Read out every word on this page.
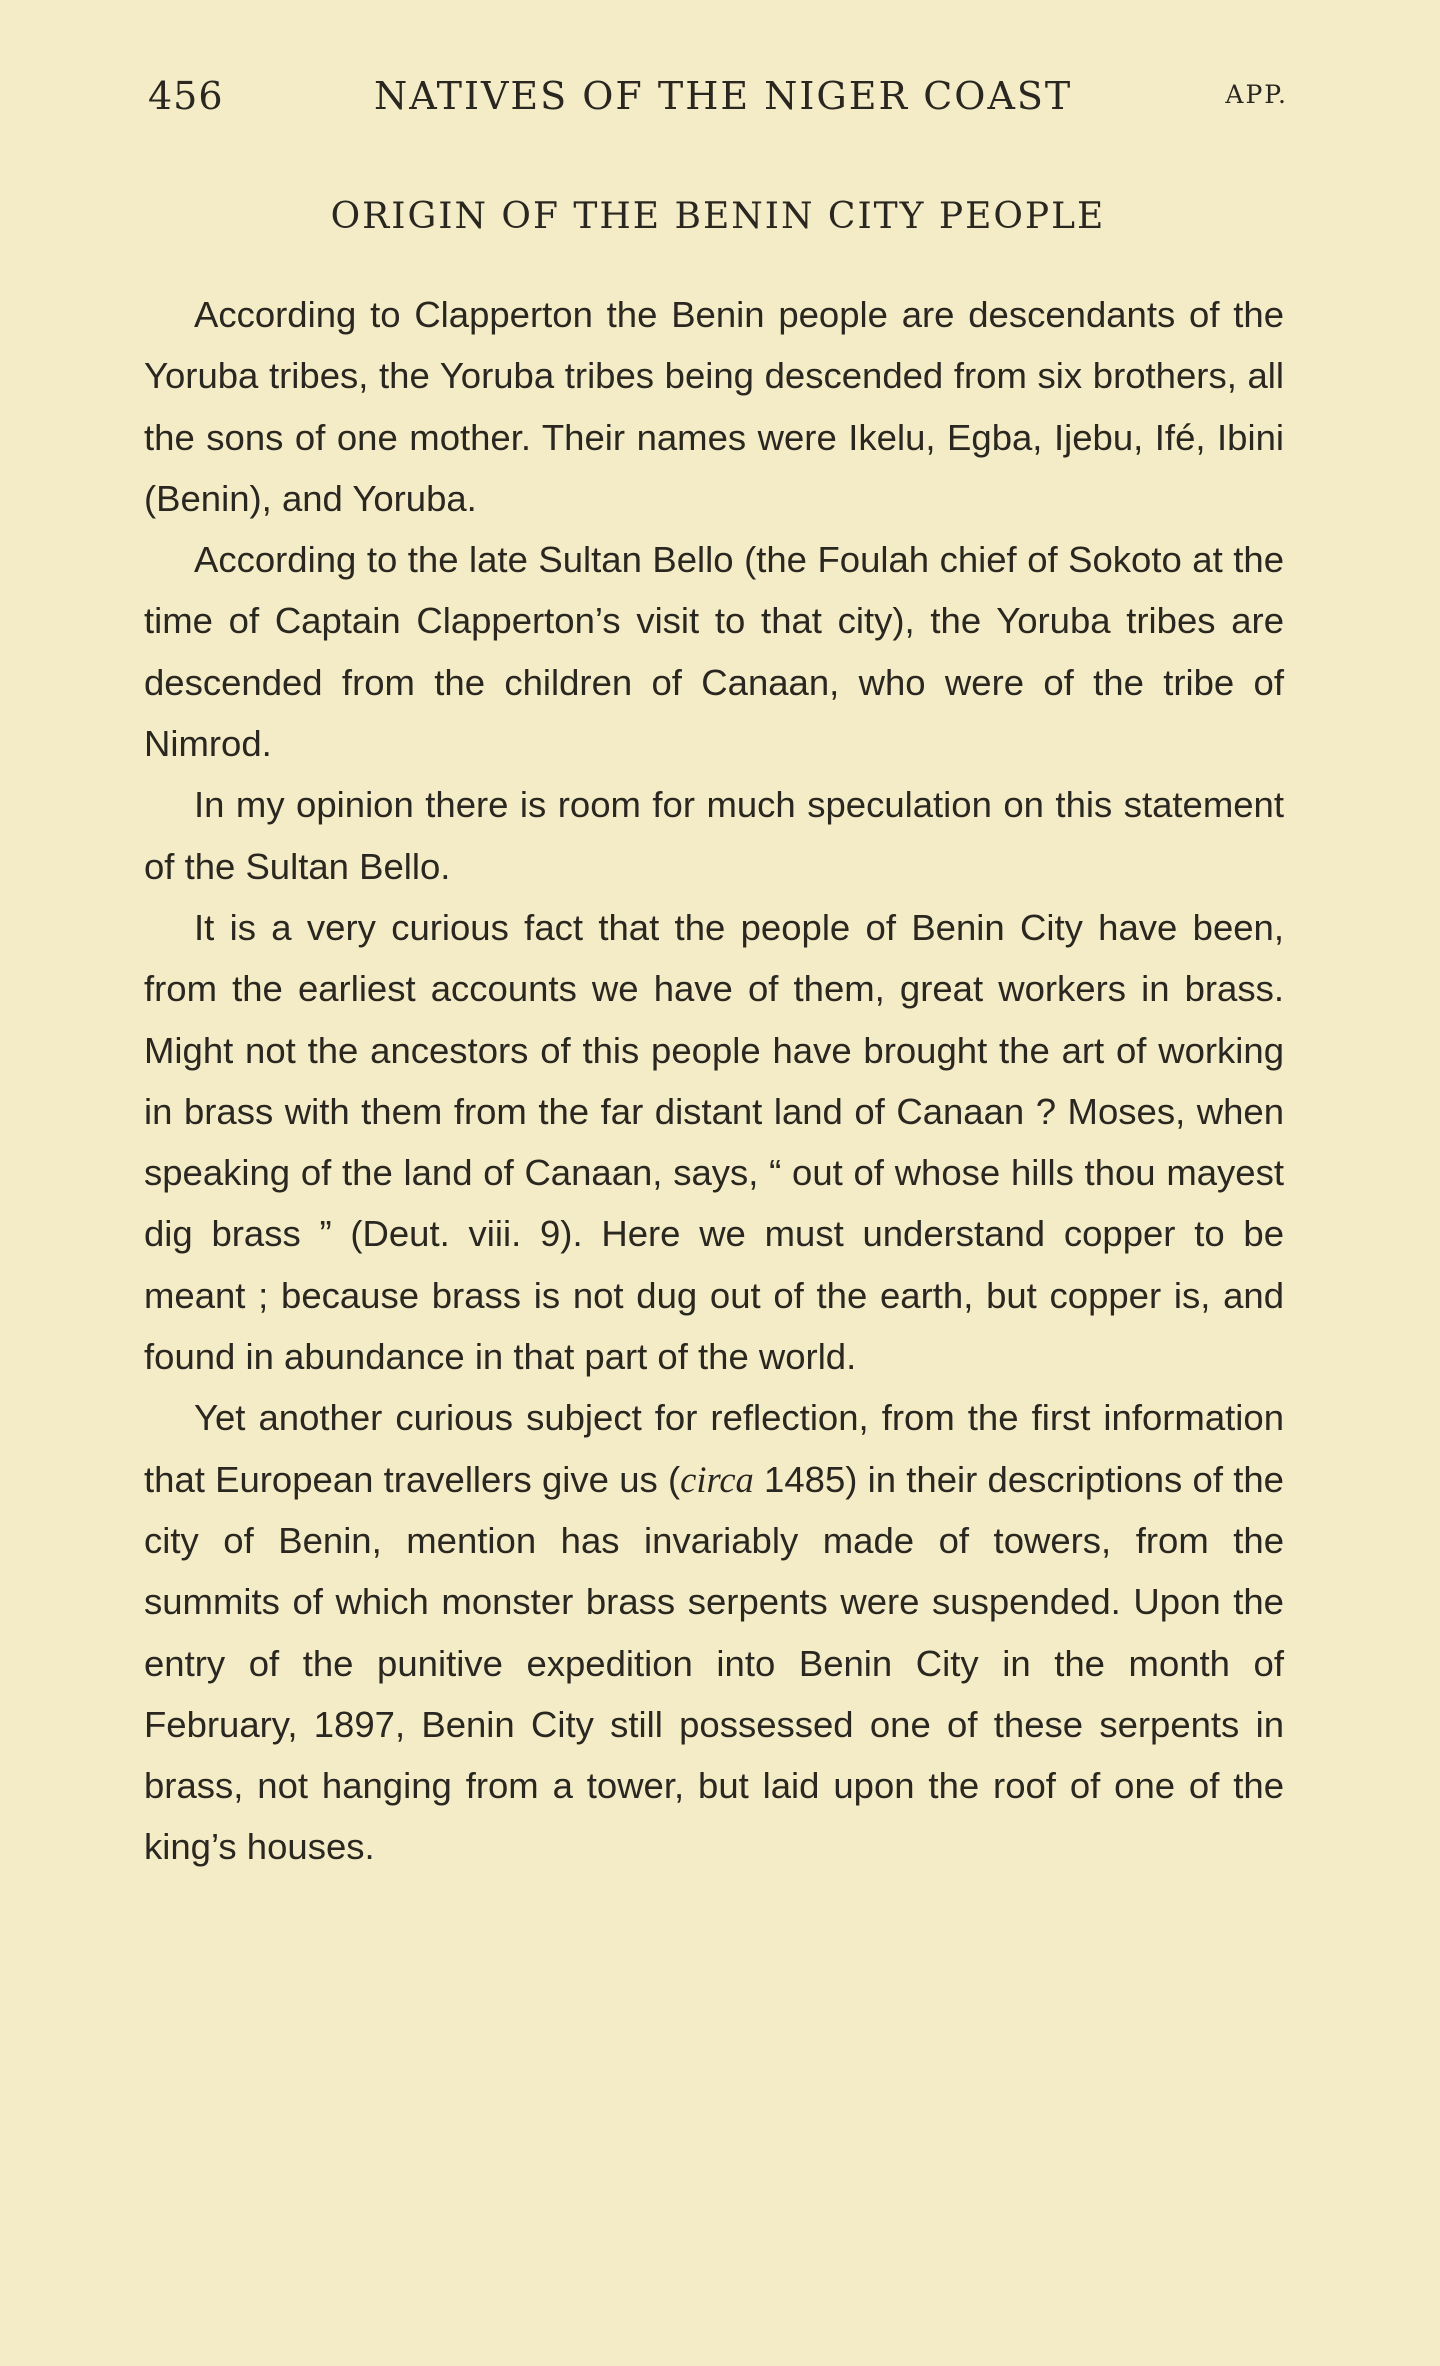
456	NATIVES OF THE NIGER COAST	APP.
ORIGIN OF THE BENIN CITY PEOPLE

According to Clapperton the Benin people are descendants of the Yoruba tribes, the Yoruba tribes being descended from six brothers, all the sons of one mother. Their names were Ikelu, Egba, Ijebu, Ifé, Ibini (Benin), and Yoruba.

According to the late Sultan Bello (the Foulah chief of Sokoto at the time of Captain Clapperton’s visit to that city), the Yoruba tribes are descended from the children of Canaan, who were of the tribe of Nimrod.

In my opinion there is room for much speculation on this statement of the Sultan Bello.

It is a very curious fact that the people of Benin City have been, from the earliest accounts we have of them, great workers in brass. Might not the ancestors of this people have brought the art of working in brass with them from the far distant land of Canaan ? Moses, when speaking of the land of Canaan, says, “ out of whose hills thou mayest dig brass ” (Deut. viii. 9). Here we must understand copper to be meant ; because brass is not dug out of the earth, but copper is, and found in abundance in that part of the world.

Yet another curious subject for reflection, from the first information that European travellers give us (circa 1485) in their descriptions of the city of Benin, mention has invariably made of towers, from the summits of which monster brass serpents were suspended. Upon the entry of the punitive expedition into Benin City in the month of February, 1897, Benin City still possessed one of these serpents in brass, not hanging from a tower, but laid upon the roof of one of the king’s houses.
